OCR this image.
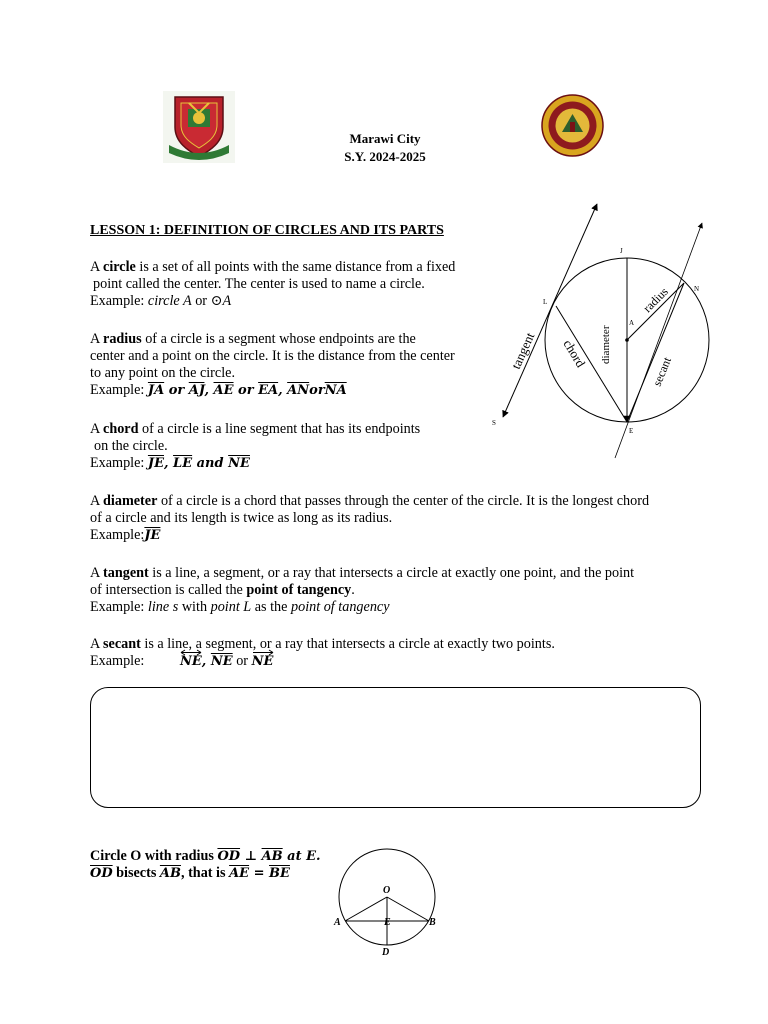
Marawi City
S.Y. 2024-2025
LESSON 1: DEFINITION OF CIRCLES AND ITS PARTS
A circle is a set of all points with the same distance from a fixed
point called the center. The center is used to name a circle.
Example: circle A or ⊙A
A radius of a circle is a segment whose endpoints are the
center and a point on the circle. It is the distance from the center
to any point on the circle.
Example: $\overline{JA}$ or $\overline{AJ}$, $\overline{AE}$ or $\overline{EA}$, $\overline{AN}or\overline{NA}$
A chord of a circle is a line segment that has its endpoints
on the circle.
Example: $\overline{JE}$, $\overline{LE}$ and $\overline{NE}$
A diameter of a circle is a chord that passes through the center of the circle. It is the longest chord
of a circle and its length is twice as long as its radius.
$Example:\overline{JE}$
A tangent is a line, a segment, or a ray that intersects a circle at exactly one point, and the point
of intersection is called the point of tangency.
Example: line s with point L as the point of tangency
A secant is a line, a segment, or a ray that intersects a circle at exactly two points.
Example:	NE, $\overline{NE}$ or
NE
Circle O with radius $\overline{OD}$ ⊥ $\overline{AB}$ at E.
$\overline{OD}$ bisects $\overline{AB}$, that is $\overline{AE} = \overline{BE}$
J
L
A
N
S
E
tangent chord diameter
radius
secant
O
A	E	B
D
